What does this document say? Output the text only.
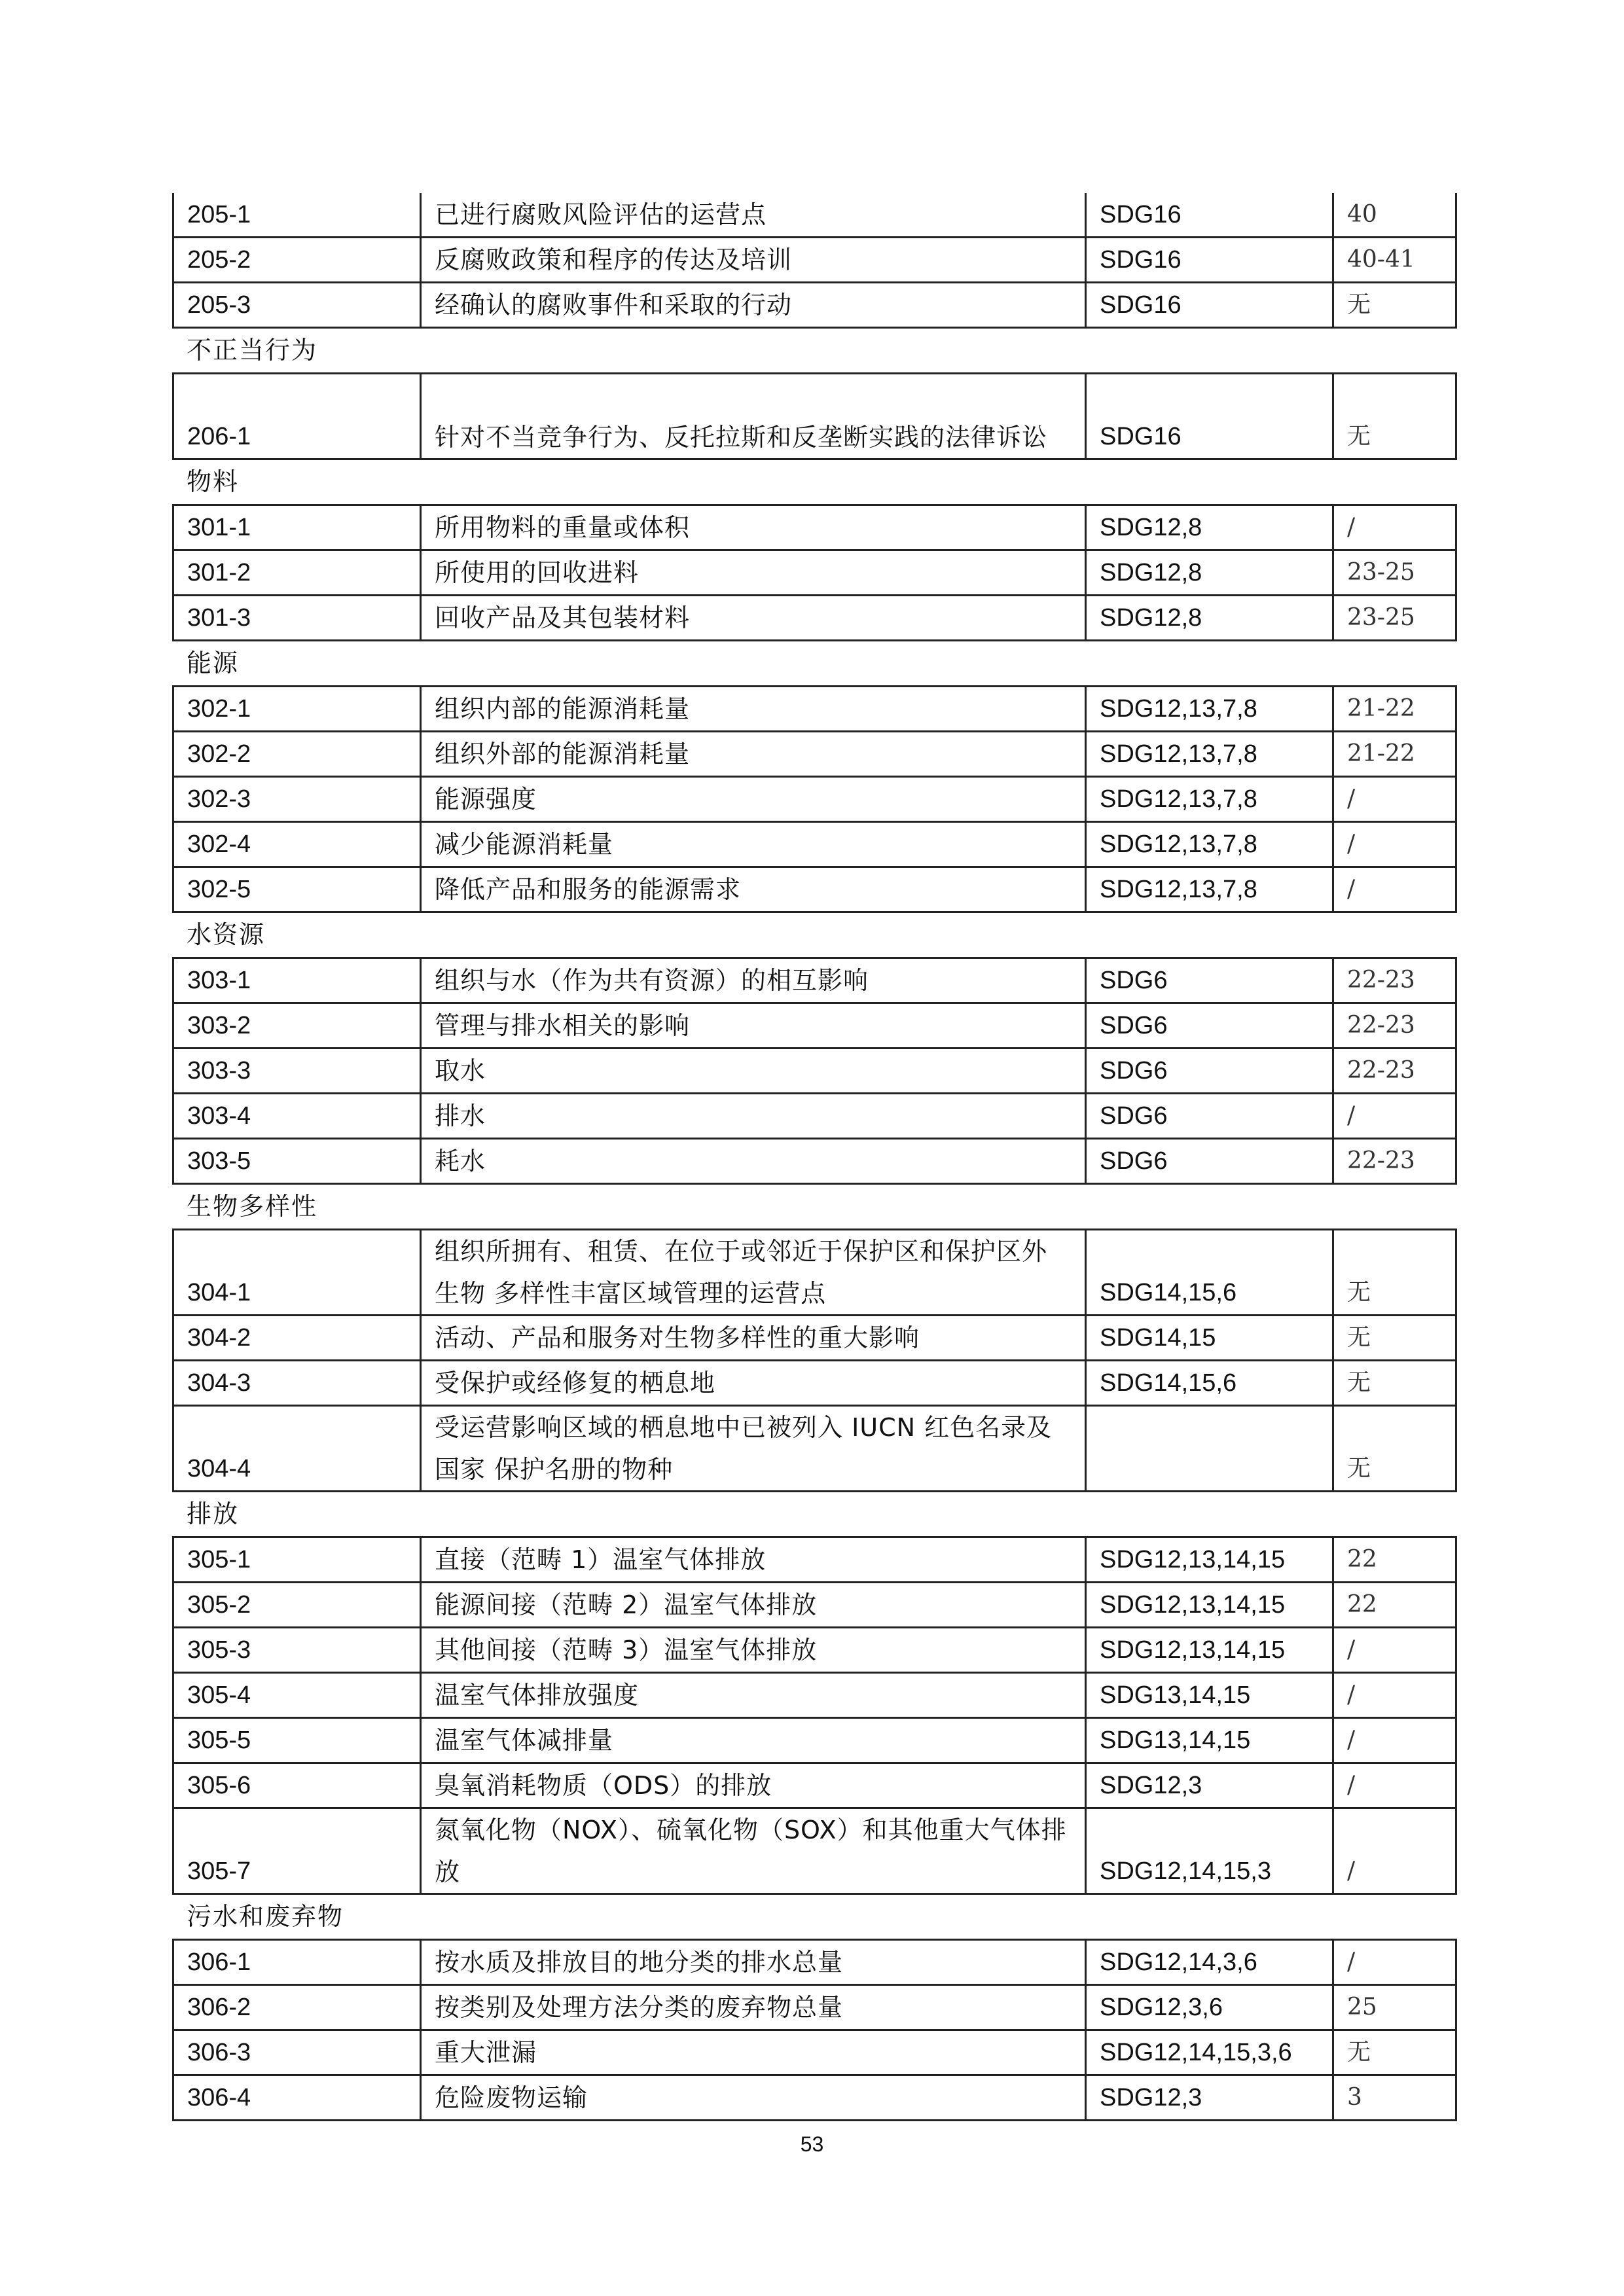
205-1	已进行腐败风险评估的运营点	SDG16	40
205-2	反腐败政策和程序的传达及培训	SDG16	40-41
205-3	经确认的腐败事件和采取的行动	SDG16	无
不正当行为
206-1	针对不当竞争行为、反托拉斯和反垄断实践的法律诉讼	SDG16	无
物料
301-1	所用物料的重量或体积	SDG12,8	/
301-2	所使用的回收进料	SDG12,8	23-25
301-3	回收产品及其包装材料	SDG12,8	23-25
能源
302-1	组织内部的能源消耗量	SDG12,13,7,8	21-22
302-2	组织外部的能源消耗量	SDG12,13,7,8	21-22
302-3	能源强度	SDG12,13,7,8	/
302-4	减少能源消耗量	SDG12,13,7,8	/
302-5	降低产品和服务的能源需求	SDG12,13,7,8	/
水资源
303-1	组织与水（作为共有资源）的相互影响	SDG6	22-23
303-2	管理与排水相关的影响	SDG6	22-23
303-3	取水	SDG6	22-23
303-4	排水	SDG6	/
303-5	耗水	SDG6	22-23
生物多样性
304-1	组织所拥有、租赁、在位于或邻近于保护区和保护区外生物 多样性丰富区域管理的运营点	SDG14,15,6	无
304-2	活动、产品和服务对生物多样性的重大影响	SDG14,15	无
304-3	受保护或经修复的栖息地	SDG14,15,6	无
304-4	受运营影响区域的栖息地中已被列入 IUCN 红色名录及国家 保护名册的物种		无
排放
305-1	直接（范畴 1）温室气体排放	SDG12,13,14,15	22
305-2	能源间接（范畴 2）温室气体排放	SDG12,13,14,15	22
305-3	其他间接（范畴 3）温室气体排放	SDG12,13,14,15	/
305-4	温室气体排放强度	SDG13,14,15	/
305-5	温室气体减排量	SDG13,14,15	/
305-6	臭氧消耗物质（ODS）的排放	SDG12,3	/
305-7	氮氧化物（NOX）、硫氧化物（SOX）和其他重大气体排放	SDG12,14,15,3	/
污水和废弃物
306-1	按水质及排放目的地分类的排水总量	SDG12,14,3,6	/
306-2	按类别及处理方法分类的废弃物总量	SDG12,3,6	25
306-3	重大泄漏	SDG12,14,15,3,6	无
306-4	危险废物运输	SDG12,3	3
53
